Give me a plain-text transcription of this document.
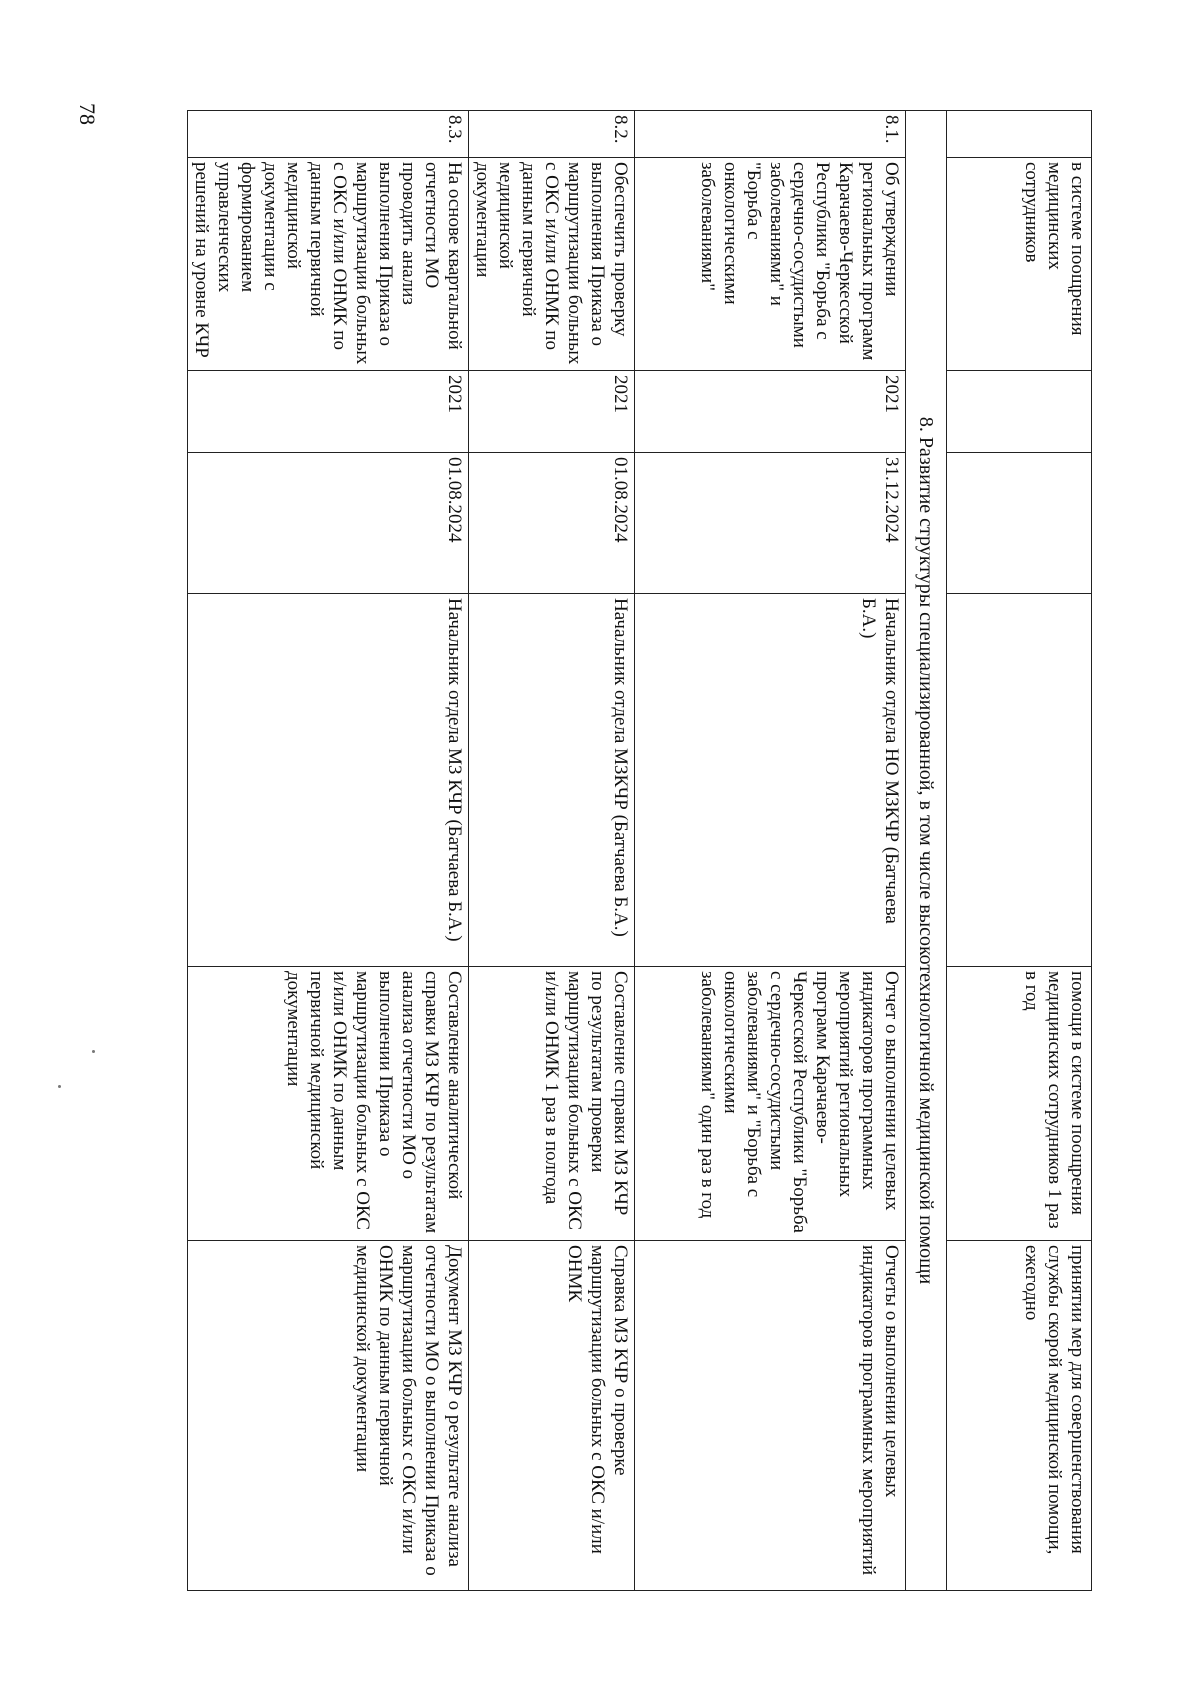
78
	в системе поощрения медицинских сотрудников				помощи в системе поощрения медицинских сотрудников 1 раз в год	принятии мер для совершенствования службы скорой медицинской помощи, ежегодно
8. Развитие структуры специализированной, в том числе высокотехнологичной медицинской помощи						
8.1.	Об утверждении региональных программ Карачаево-Черкесской Республики "Борьба с сердечно-сосудистыми заболеваниями" и "Борьба с онкологическими заболеваниями"	2021	31.12.2024	Начальник отдела НО МЗКЧР (Батчаева Б.А.)	Отчет о выполнении целевых индикаторов программных мероприятий региональных программ Карачаево-Черкесской Республики "Борьба с сердечно-сосудистыми заболеваниями" и "Борьба с онкологическими заболеваниями" один раз в год	Отчеты о выполнении целевых индикаторов программных мероприятий
8.2.	Обеспечить проверку выполнения Приказа о маршрутизации больных с ОКС и/или ОНМК по данным первичной медицинской документации	2021	01.08.2024	Начальник отдела МЗКЧР (Батчаева Б.А.)	Составление справки МЗ КЧР по результатам проверки маршрутизации больных с ОКС и/или ОНМК 1 раз в полгода	Справка МЗ КЧР о проверке маршрутизации больных с ОКС и/или ОНМК
8.3.	На основе квартальной отчетности МО проводить анализ выполнения Приказа о маршрутизации больных с ОКС и/или ОНМК по данным первичной медицинской документации с формированием управленческих решений на уровне КЧР	2021	01.08.2024	Начальник отдела МЗ КЧР (Батчаева Б.А.)	Составление аналитической справки МЗ КЧР по результатам анализа отчетности МО о выполнении Приказа о маршрутизации больных с ОКС и/или ОНМК по данным первичной медицинской документации	Документ МЗ КЧР о результате анализа отчетности МО о выполнении Приказа о маршрутизации больных с ОКС и/или ОНМК по данным первичной медицинской документации
